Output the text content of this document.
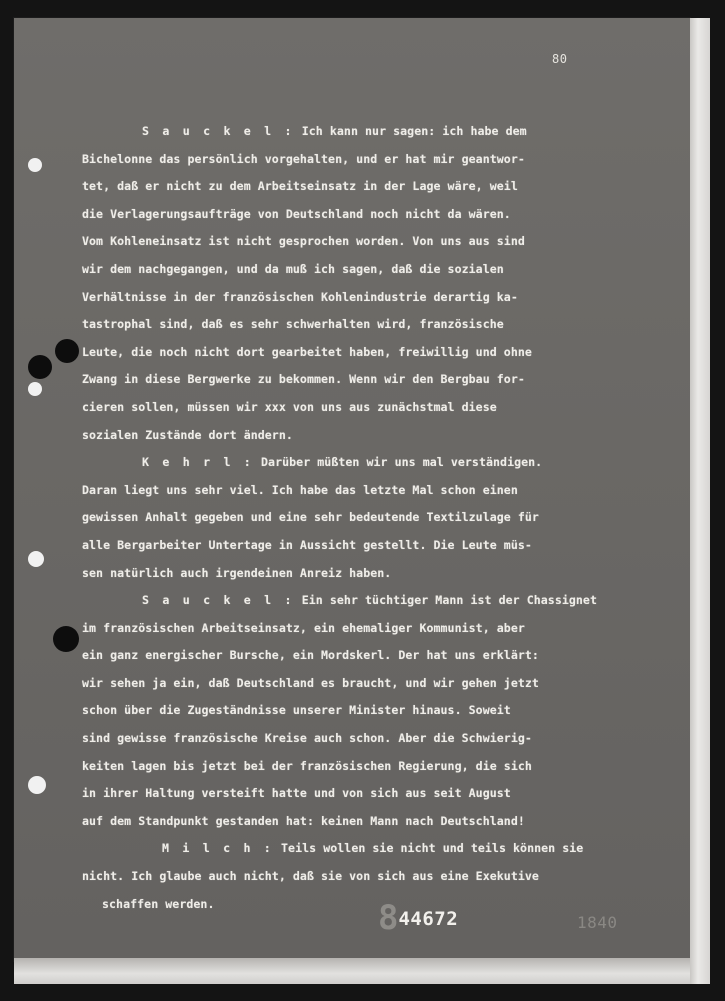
80
S a u c k e l : Ich kann nur sagen: ich habe dem
Bichelonne das persönlich vorgehalten, und er hat mir geantwor-
tet, daß er nicht zu dem Arbeitseinsatz in der Lage wäre, weil
die Verlagerungsaufträge von Deutschland noch nicht da wären.
Vom Kohleneinsatz ist nicht gesprochen worden. Von uns aus sind
wir dem nachgegangen, und da muß ich sagen, daß die sozialen
Verhältnisse in der französischen Kohlenindustrie derartig ka-
tastrophal sind, daß es sehr schwerhalten wird, französische
Leute, die noch nicht dort gearbeitet haben, freiwillig und ohne
Zwang in diese Bergwerke zu bekommen. Wenn wir den Bergbau for-
cieren sollen, müssen wir xxx von uns aus zunächstmal diese
sozialen Zustände dort ändern.
K e h r l : Darüber müßten wir uns mal verständigen.
Daran liegt uns sehr viel. Ich habe das letzte Mal schon einen
gewissen Anhalt gegeben und eine sehr bedeutende Textilzulage für
alle Bergarbeiter Untertage in Aussicht gestellt. Die Leute müs-
sen natürlich auch irgendeinen Anreiz haben.
S a u c k e l : Ein sehr tüchtiger Mann ist der Chassignet
im französischen Arbeitseinsatz, ein ehemaliger Kommunist, aber
ein ganz energischer Bursche, ein Mordskerl. Der hat uns erklärt:
wir sehen ja ein, daß Deutschland es braucht, und wir gehen jetzt
schon über die Zugeständnisse unserer Minister hinaus. Soweit
sind gewisse französische Kreise auch schon. Aber die Schwierig-
keiten lagen bis jetzt bei der französischen Regierung, die sich
in ihrer Haltung versteift hatte und von sich aus seit August
auf dem Standpunkt gestanden hat: keinen Mann nach Deutschland!
M i l c h : Teils wollen sie nicht und teils können sie
nicht. Ich glaube auch nicht, daß sie von sich aus eine Exekutive
schaffen werden.	844672	1840
